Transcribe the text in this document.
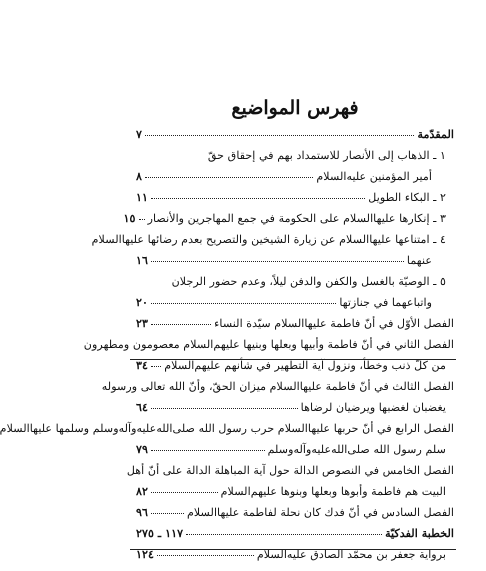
فهرس المواضيع
المقدّمة
٧
١ ـ الذهاب إلى الأنصار للاستمداد بهم في إحقاق حقّ
أمير المؤمنين عليه‌السلام
٨
٢ ـ البكاء الطويل
١١
٣ ـ إنكارها عليها‌السلام على الحكومة في جمع المهاجرين والأنصار
١٥
٤ ـ امتناعها عليها‌السلام عن زيارة الشيخين والتصريح بعدم رضائها عليها‌السلام
عنهما
١٦
٥ ـ الوصيّة بالغسل والكفن والدفن ليلاً، وعدم حضور الرجلان
واتباعهما في جنازتها
٢٠
الفصل الأوّل في أنّ فاطمة عليها‌السلام سيّدة النساء
٢٣
الفصل الثاني في أنّ فاطمة وأبيها وبعلها وبنيها عليهم‌السلام معصومون ومطهرون
من كلّ ذنب وخطأ، ونزول آية التطهير في شأنهم عليهم‌السلام
٣٤
الفصل الثالث في أنّ فاطمة عليها‌السلام ميزان الحقّ، وأنّ الله تعالى ورسوله
يغضبان لغضبها ويرضيان لرضاها
٦٤
الفصل الرابع في أنّ حربها عليها‌السلام حرب رسول الله صلى‌الله‌عليه‌وآله‌وسلم وسلمها عليها‌السلام
سلم رسول الله صلى‌الله‌عليه‌وآله‌وسلم
٧٩
الفصل الخامس في النصوص الدالة حول آية المباهلة الدالة على أنّ أهل
البيت هم فاطمة وأبوها وبعلها وبنوها عليهم‌السلام
٨٢
الفصل السادس في أنّ فدك كان نحلة لفاطمة عليها‌السلام
٩٦
الخطبة الفدكيّة
١١٧ ـ ٢٧٥
برواية جعفر بن محمّد الصادق عليه‌السلام
١٢٤
